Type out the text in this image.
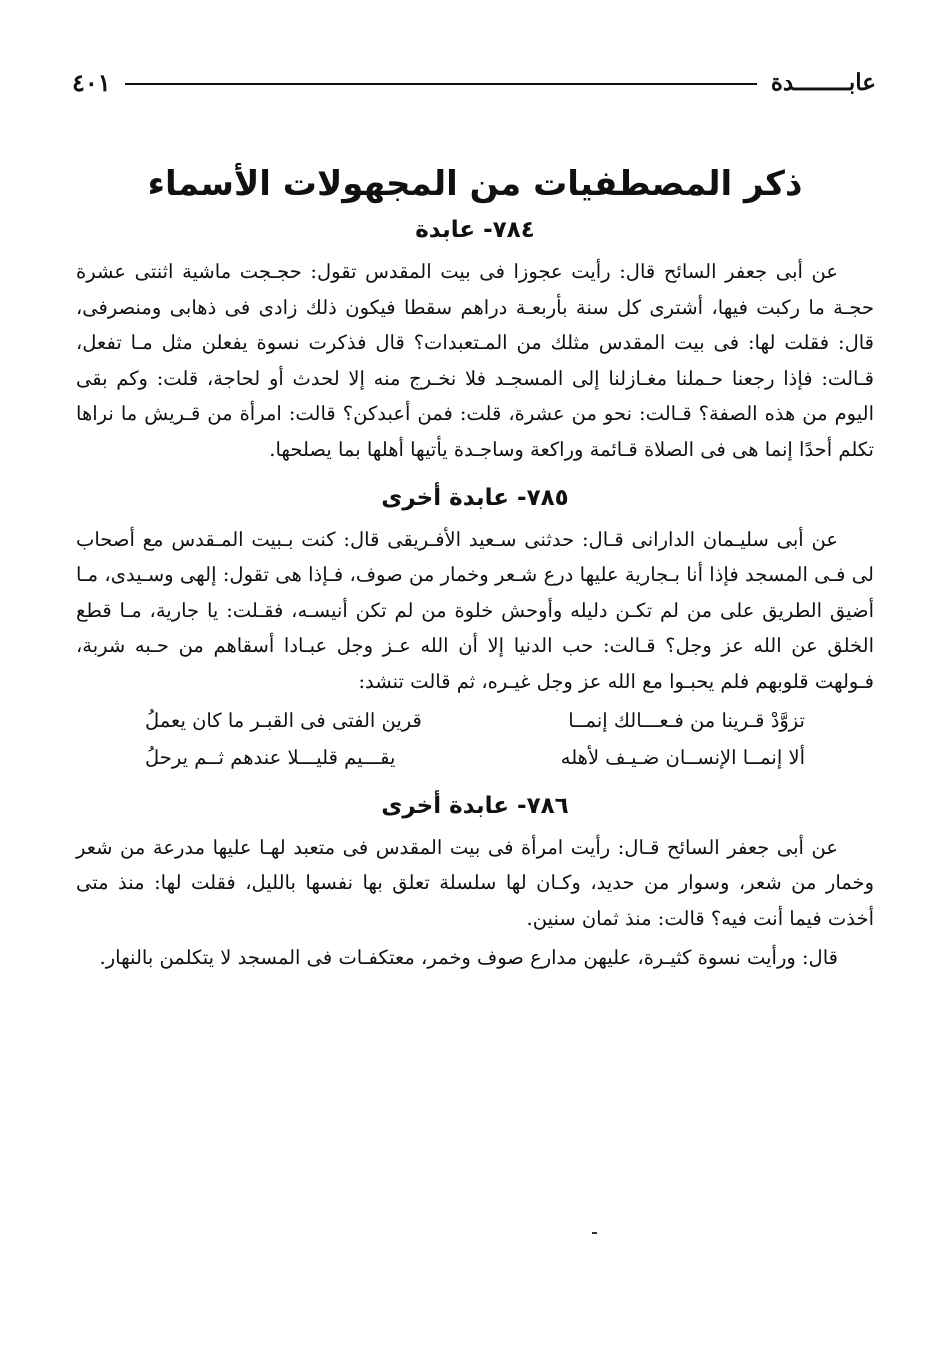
عابــــــــدة
٤٠١
ذكر المصطفيات من المجهولات الأسماء
٧٨٤- عابدة

عن أبى جعفر السائح قال: رأيت عجوزا فى بيت المقدس تقول: حجـجت ماشية اثنتى عشرة حجـة ما ركبت فيها، أشترى كل سنة بأربعـة دراهم سقطا فيكون ذلك زادى فى ذهابى ومنصرفى، قال: فقلت لها: فى بيت المقدس مثلك من المـتعبدات؟ قال فذكرت نسوة يفعلن مثل مـا تفعل، قـالت: فإذا رجعنا حـملنا مغـازلنا إلى المسجـد فلا نخـرج منه إلا لحدث أو لحاجة، قلت: وكم بقى اليوم من هذه الصفة؟ قـالت: نحو من عشرة، قلت: فمن أعبدكن؟ قالت: امرأة من قـريش ما نراها تكلم أحدًا إنما هى فى الصلاة قـائمة وراكعة وساجـدة يأتيها أهلها بما يصلحها.

٧٨٥- عابدة أخرى

عن أبى سليـمان الدارانى قـال: حدثنى سـعيد الأفـريقى قال: كنت بـبيت المـقدس مع أصحاب لى فـى المسجد فإذا أنا بـجارية عليها درع شـعر وخمار من صوف، فـإذا هى تقول: إلهى وسـيدى، مـا أضيق الطريق على من لم تكـن دليله وأوحش خلوة من لم تكن أنيسـه، فقـلت: يا جارية، مـا قطع الخلق عن الله عز وجل؟ قـالت: حب الدنيا إلا أن الله عـز وجل عبـادا أسقاهم من حـبه شربة، فـولهت قلوبهم فلم يحبـوا مع الله عز وجل غيـره، ثم قالت تنشد:

تزوَّدْ قـرينا من فـعـــالك إنمــا
قرين الفتى فى القبـر ما كان يعملُ
ألا إنمــا الإنســان ضـيـف لأهله
يقـــيم قليـــلا عندهم ثــم يرحلُ
٧٨٦- عابدة أخرى

عن أبى جعفر السائح قـال: رأيت امرأة فى بيت المقدس فى متعبد لهـا عليها مدرعة من شعر وخمار من شعر، وسوار من حديد، وكـان لها سلسلة تعلق بها نفسها بالليل، فقلت لها: منذ متى أخذت فيما أنت فيه؟ قالت: منذ ثمان سنين.

قال: ورأيت نسوة كثيـرة، عليهن مدارع صوف وخمر، معتكفـات فى المسجد لا يتكلمن بالنهار.
